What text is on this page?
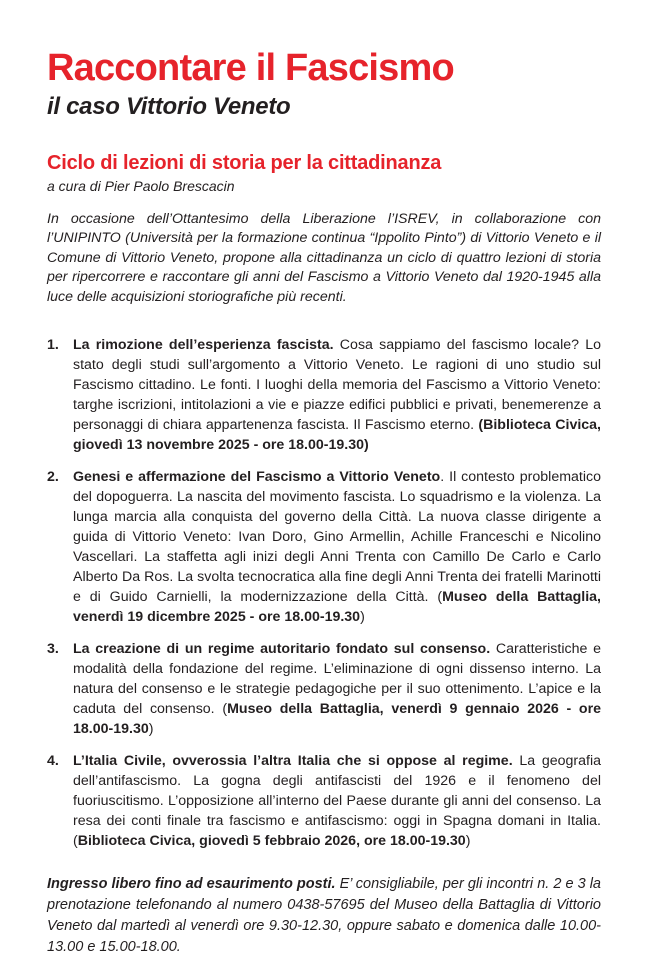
Raccontare il Fascismo
il caso Vittorio Veneto
Ciclo di lezioni di storia per la cittadinanza

a cura di Pier Paolo Brescacin

In occasione dell’Ottantesimo della Liberazione l’ISREV, in collaborazione con l’UNIPINTO (Università per la formazione continua “Ippolito Pinto”) di Vittorio Veneto e il Comune di Vittorio Veneto, propone alla cittadinanza un ciclo di quattro lezioni di storia per ripercorrere e raccontare gli anni del Fascismo a Vittorio Veneto dal 1920-1945 alla luce delle acquisizioni storiografiche più recenti.

1. La rimozione dell’esperienza fascista. Cosa sappiamo del fascismo locale? Lo stato degli studi sull’argomento a Vittorio Veneto. Le ragioni di uno studio sul Fascismo cittadino. Le fonti. I luoghi della memoria del Fascismo a Vittorio Veneto: targhe iscrizioni, intitolazioni a vie e piazze edifici pubblici e privati, benemerenze a personaggi di chiara appartenenza fascista. Il Fascismo eterno. (Biblioteca Civica, giovedì 13 novembre 2025 - ore 18.00-19.30)
2. Genesi e affermazione del Fascismo a Vittorio Veneto. Il contesto problematico del dopoguerra. La nascita del movimento fascista. Lo squadrismo e la violenza. La lunga marcia alla conquista del governo della Città. La nuova classe dirigente a guida di Vittorio Veneto: Ivan Doro, Gino Armellin, Achille Franceschi e Nicolino Vascellari. La staffetta agli inizi degli Anni Trenta con Camillo De Carlo e Carlo Alberto Da Ros. La svolta tecnocratica alla fine degli Anni Trenta dei fratelli Marinotti e di Guido Carnielli, la modernizzazione della Città. (Museo della Battaglia, venerdì 19 dicembre 2025 - ore 18.00-19.30)
3. La creazione di un regime autoritario fondato sul consenso. Caratteristiche e modalità della fondazione del regime. L’eliminazione di ogni dissenso interno. La natura del consenso e le strategie pedagogiche per il suo ottenimento. L’apice e la caduta del consenso. (Museo della Battaglia, venerdì 9 gennaio 2026 - ore 18.00-19.30)
4. L’Italia Civile, ovverossia l’altra Italia che si oppose al regime. La geografia dell’antifascismo. La gogna degli antifascisti del 1926 e il fenomeno del fuoriuscitismo. L’opposizione all’interno del Paese durante gli anni del consenso. La resa dei conti finale tra fascismo e antifascismo: oggi in Spagna domani in Italia. (Biblioteca Civica, giovedì 5 febbraio 2026, ore 18.00-19.30)

Ingresso libero fino ad esaurimento posti. E’ consigliabile, per gli incontri n. 2 e 3 la prenotazione telefonando al numero 0438-57695 del Museo della Battaglia di Vittorio Veneto dal martedì al venerdì ore 9.30-12.30, oppure sabato e domenica dalle 10.00-13.00 e 15.00-18.00.
